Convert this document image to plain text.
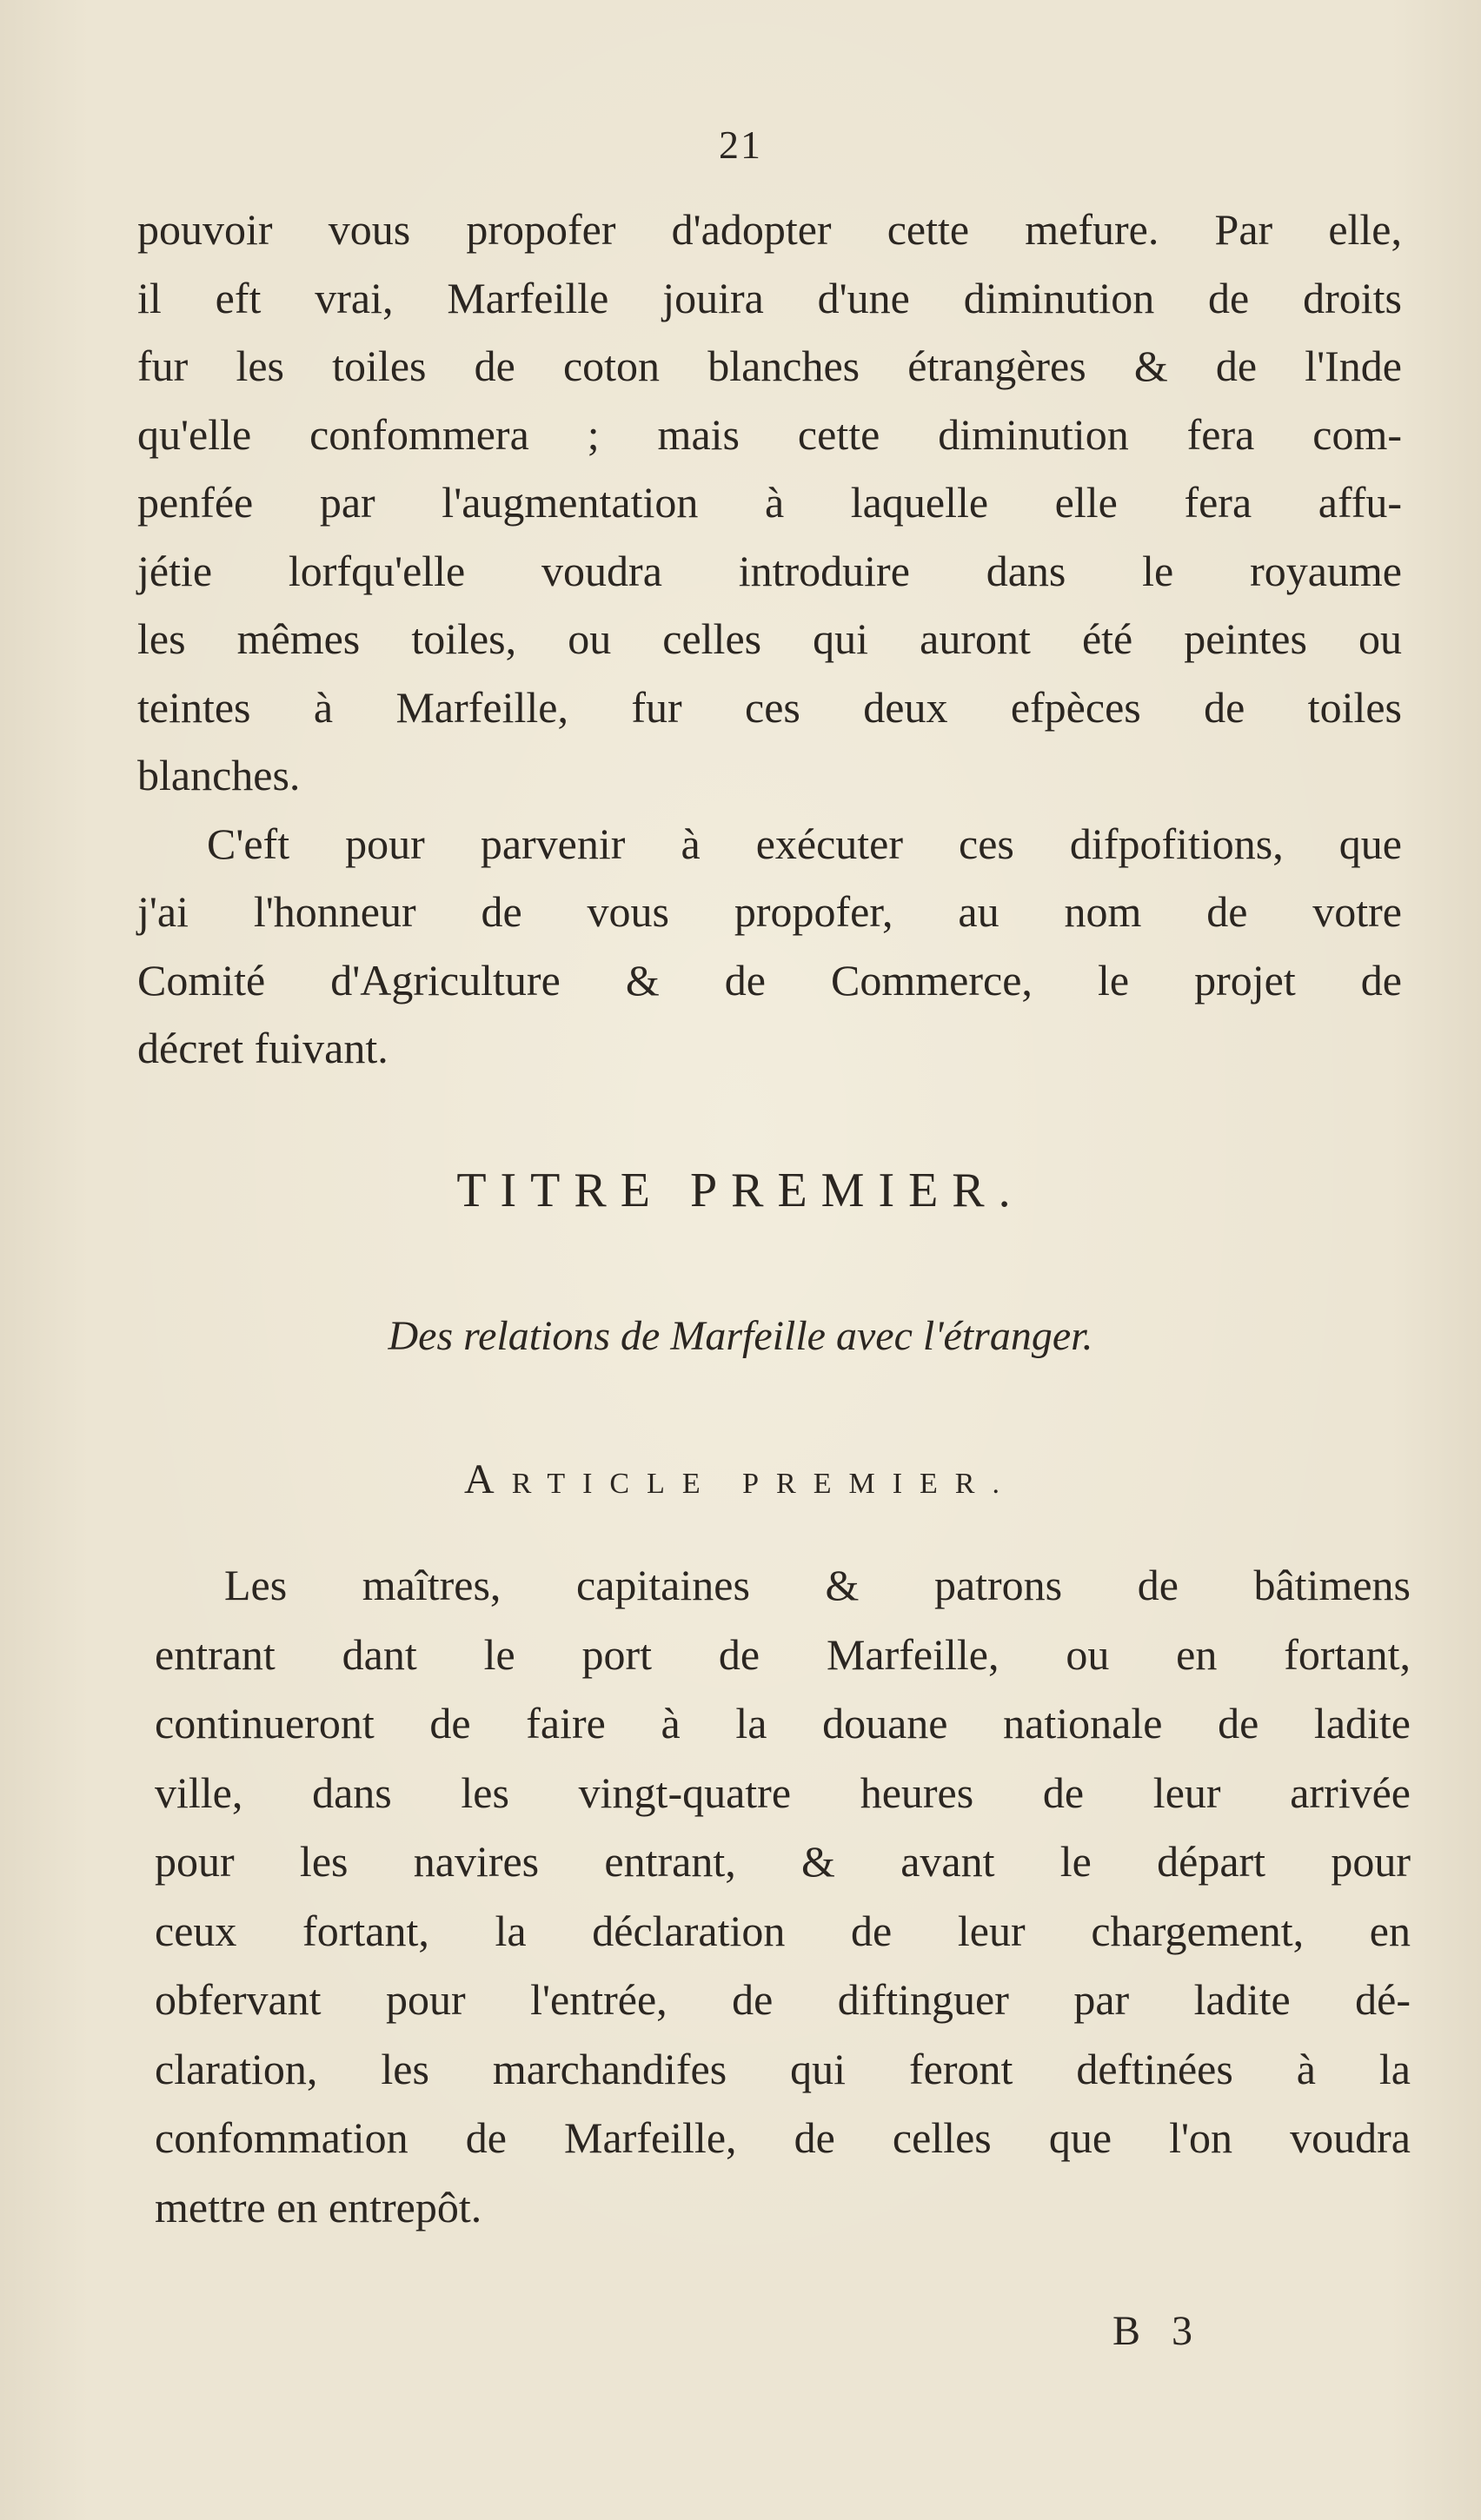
21
pouvoir vous propofer d'adopter cette mefure. Par elle,
il eft vrai, Marfeille jouira d'une diminution de droits
fur les toiles de coton blanches étrangères & de l'Inde
qu'elle confommera ; mais cette diminution fera com-
penfée par l'augmentation à laquelle elle fera affu-
jétie lorfqu'elle voudra introduire dans le royaume
les mêmes toiles, ou celles qui auront été peintes ou
teintes à Marfeille, fur ces deux efpèces de toiles
blanches.
C'eft pour parvenir à exécuter ces difpofitions, que
j'ai l'honneur de vous propofer, au nom de votre
Comité d'Agriculture & de Commerce, le projet de
décret fuivant.
TITRE PREMIER.
Des relations de Marfeille avec l'étranger.
ARTICLE PREMIER.
Les maîtres, capitaines & patrons de bâtimens
entrant dant le port de Marfeille, ou en fortant,
continueront de faire à la douane nationale de ladite
ville, dans les vingt-quatre heures de leur arrivée
pour les navires entrant, & avant le départ pour
ceux fortant, la déclaration de leur chargement, en
obfervant pour l'entrée, de diftinguer par ladite dé-
claration, les marchandifes qui feront deftinées à la
confommation de Marfeille, de celles que l'on voudra
mettre en entrepôt.
B 3
